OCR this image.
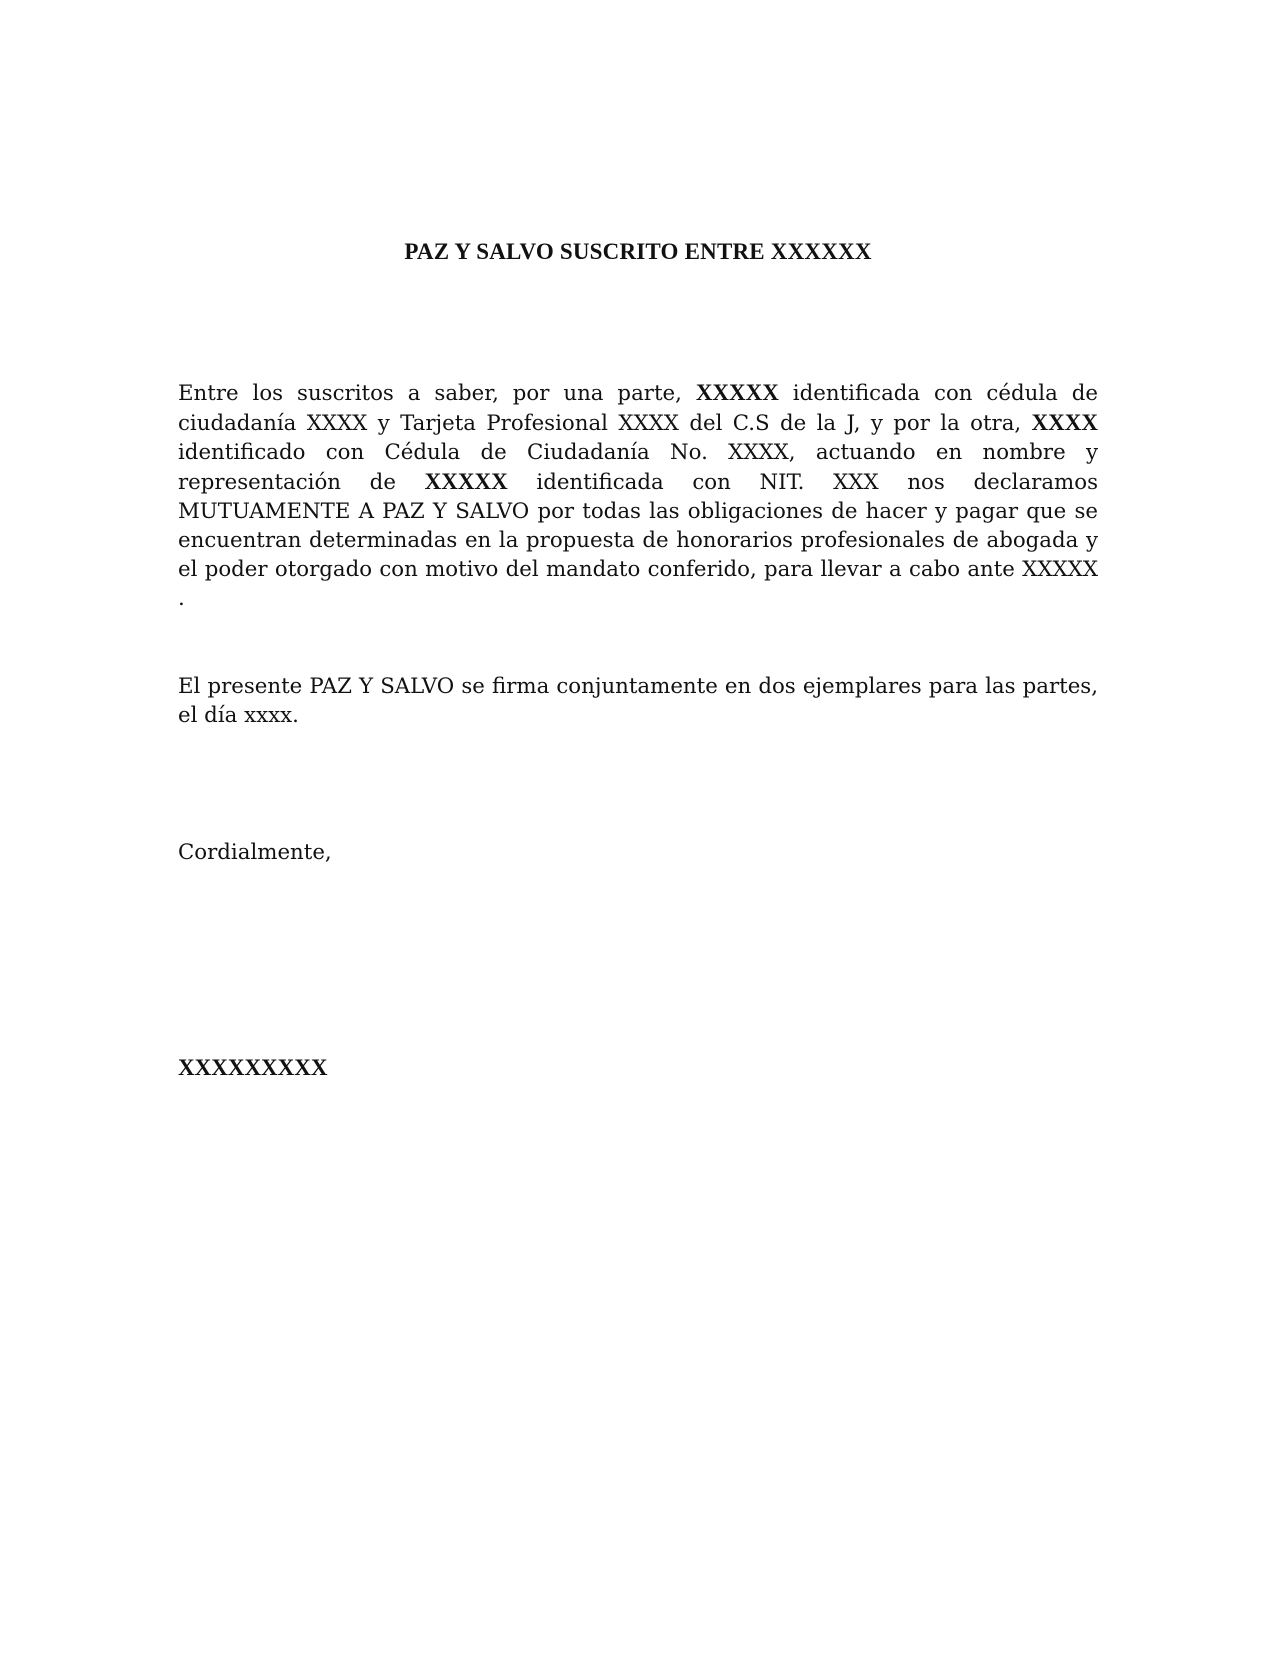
PAZ Y SALVO SUSCRITO ENTRE XXXXXX

Entre los suscritos a saber, por una parte, XXXXX identificada con cédula de ciudadanía XXXX y Tarjeta Profesional XXXX del C.S de la J, y por la otra, XXXX identificado con Cédula de Ciudadanía No. XXXX, actuando en nombre y representación de XXXXX identificada con NIT. XXX nos declaramos MUTUAMENTE A PAZ Y SALVO por todas las obligaciones de hacer y pagar que se encuentran determinadas en la propuesta de honorarios profesionales de abogada y el poder otorgado con motivo del mandato conferido, para llevar a cabo ante XXXXX .

El presente PAZ Y SALVO se firma conjuntamente en dos ejemplares para las partes, el día xxxx.

Cordialmente,

XXXXXXXXX
